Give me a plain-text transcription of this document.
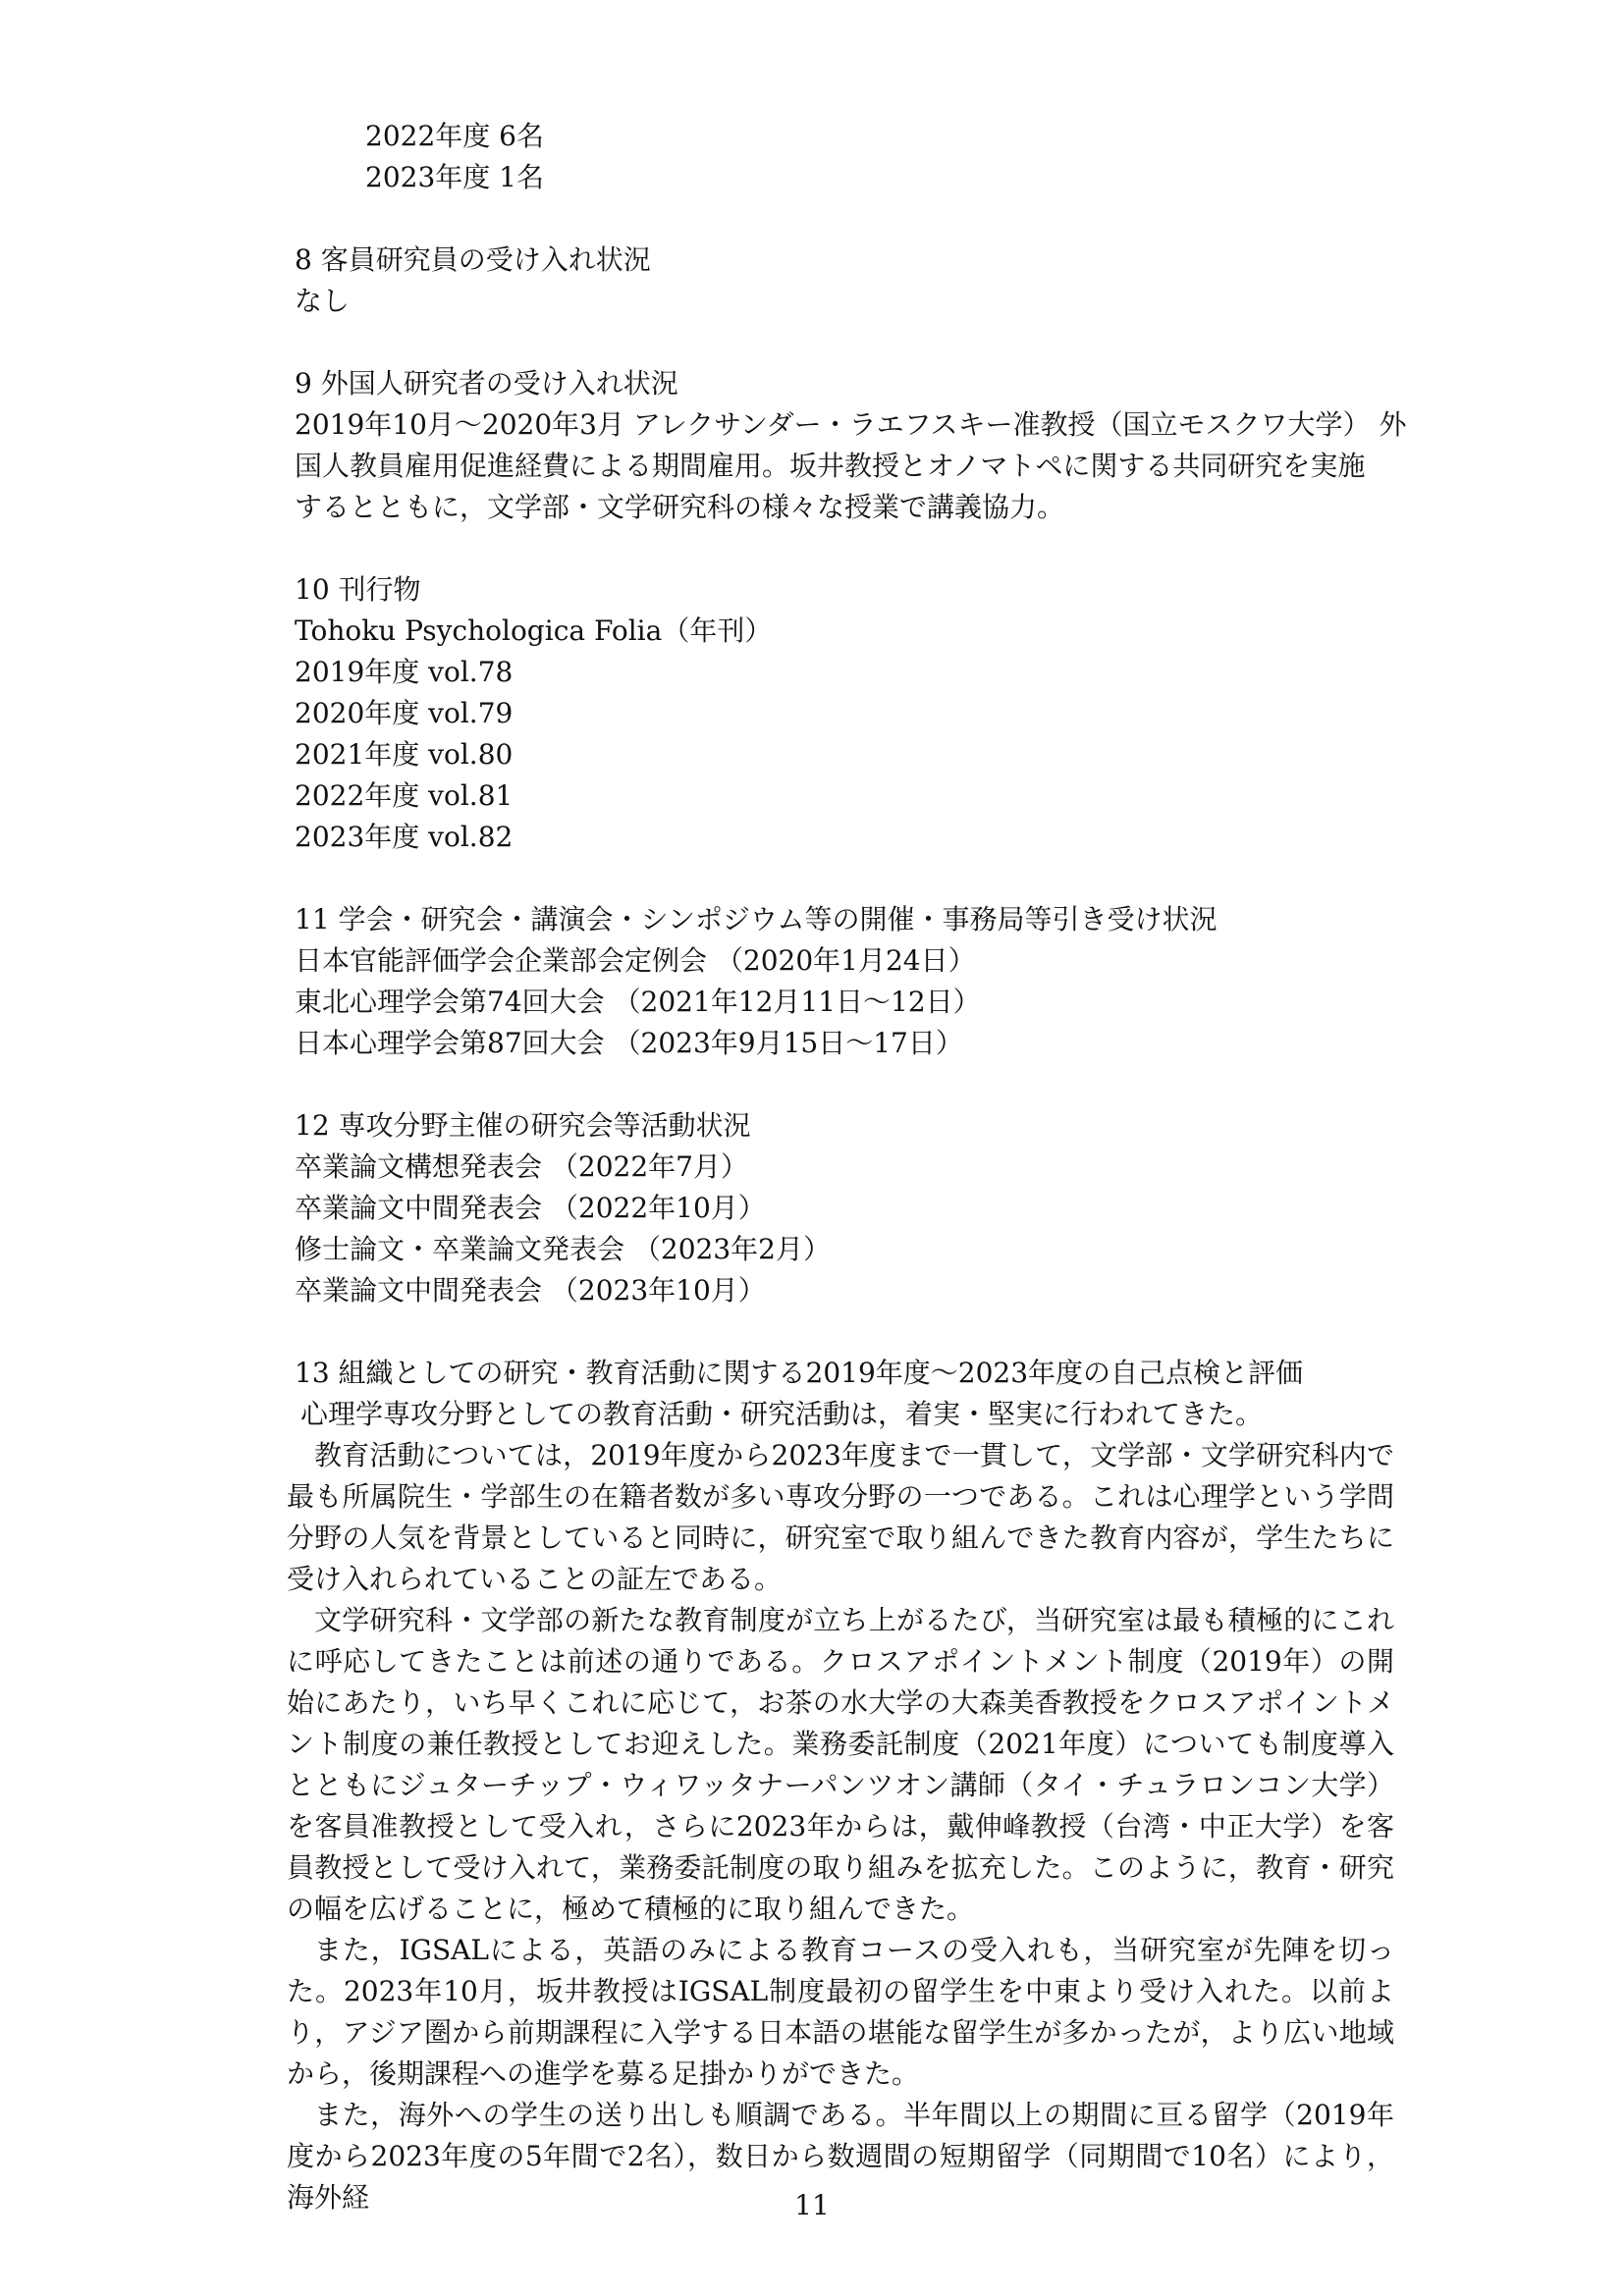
2022年度 6名
2023年度 1名
8 客員研究員の受け入れ状況
なし
9 外国人研究者の受け入れ状況
2019年10月～2020年3月 アレクサンダー・ラエフスキー准教授（国立モスクワ大学） 外
国人教員雇用促進経費による期間雇用。坂井教授とオノマトペに関する共同研究を実施
するとともに，文学部・文学研究科の様々な授業で講義協力。
10 刊行物
Tohoku Psychologica Folia（年刊）
2019年度 vol.78
2020年度 vol.79
2021年度 vol.80
2022年度 vol.81
2023年度 vol.82
11 学会・研究会・講演会・シンポジウム等の開催・事務局等引き受け状況
日本官能評価学会企業部会定例会 （2020年1月24日）
東北心理学会第74回大会 （2021年12月11日～12日）
日本心理学会第87回大会 （2023年9月15日～17日）
12 専攻分野主催の研究会等活動状況
卒業論文構想発表会 （2022年7月）
卒業論文中間発表会 （2022年10月）
修士論文・卒業論文発表会 （2023年2月）
卒業論文中間発表会 （2023年10月）
13 組織としての研究・教育活動に関する2019年度～2023年度の自己点検と評価

心理学専攻分野としての教育活動・研究活動は，着実・堅実に行われてきた。

教育活動については，2019年度から2023年度まで一貫して，文学部・文学研究科内で最も所属院生・学部生の在籍者数が多い専攻分野の一つである。これは心理学という学問分野の人気を背景としていると同時に，研究室で取り組んできた教育内容が，学生たちに受け入れられていることの証左である。

文学研究科・文学部の新たな教育制度が立ち上がるたび，当研究室は最も積極的にこれに呼応してきたことは前述の通りである。クロスアポイントメント制度（2019年）の開始にあたり，いち早くこれに応じて，お茶の水大学の大森美香教授をクロスアポイントメント制度の兼任教授としてお迎えした。業務委託制度（2021年度）についても制度導入とともにジュターチップ・ウィワッタナーパンツオン講師（タイ・チュラロンコン大学）を客員准教授として受入れ，さらに2023年からは，戴伸峰教授（台湾・中正大学）を客員教授として受け入れて，業務委託制度の取り組みを拡充した。このように，教育・研究の幅を広げることに，極めて積極的に取り組んできた。

また，IGSALによる，英語のみによる教育コースの受入れも，当研究室が先陣を切った。2023年10月，坂井教授はIGSAL制度最初の留学生を中東より受け入れた。以前より，アジア圏から前期課程に入学する日本語の堪能な留学生が多かったが，より広い地域から，後期課程への進学を募る足掛かりができた。

また，海外への学生の送り出しも順調である。半年間以上の期間に亘る留学（2019年度から2023年度の5年間で2名），数日から数週間の短期留学（同期間で10名）により，海外経	11
